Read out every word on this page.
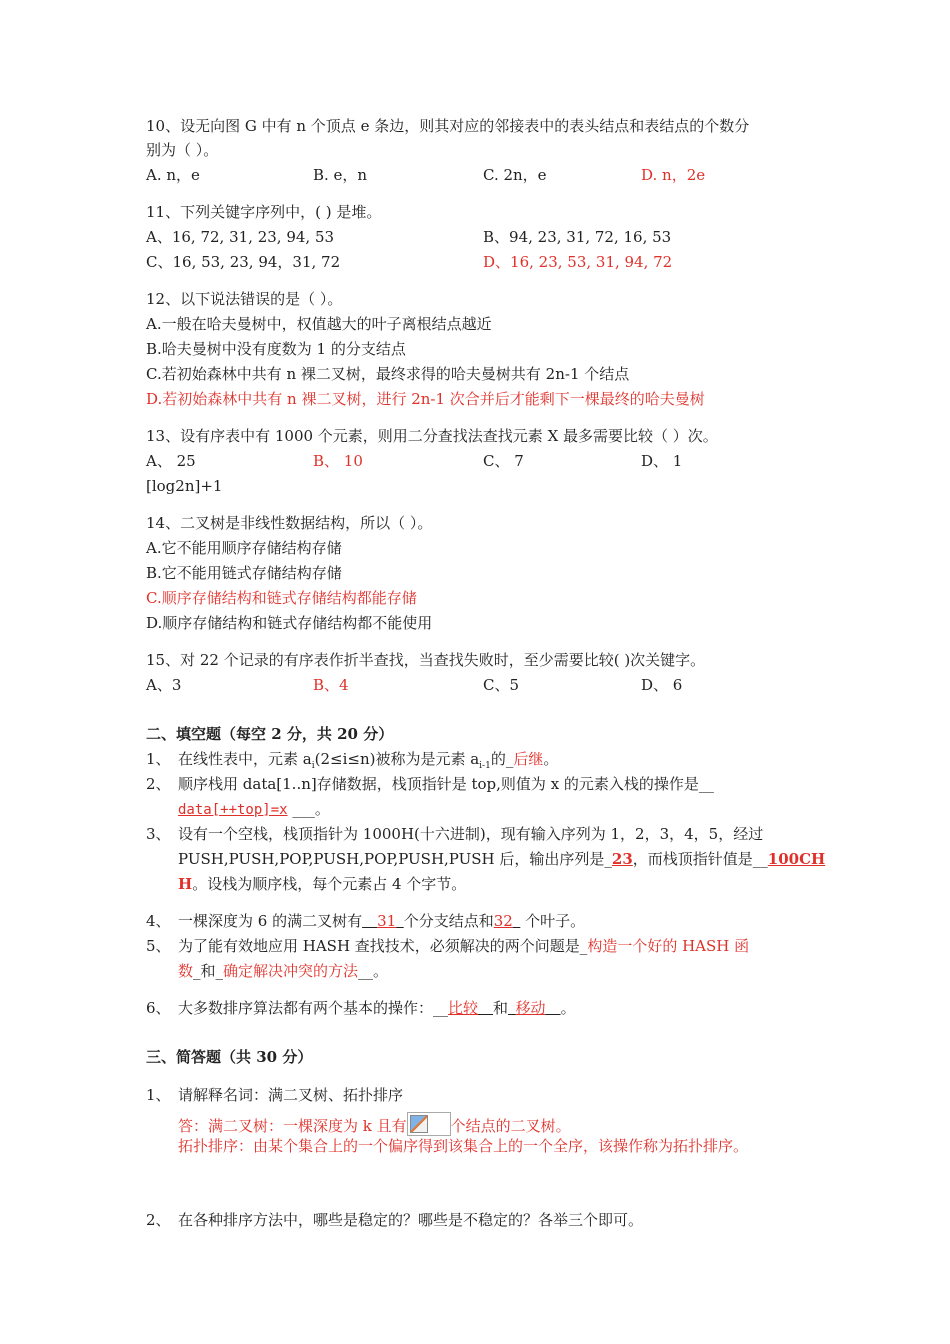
10、设无向图 G 中有 n 个顶点 e 条边，则其对应的邻接表中的表头结点和表结点的个数分
别为（ ）。
A. n，e	B. e，n	C. 2n，e	D. n，2e
11、下列关键字序列中，( ) 是堆。
A、16, 72, 31, 23, 94, 53	B、94, 23, 31, 72, 16, 53
C、16, 53, 23, 94，31, 72	D、16, 23, 53, 31, 94, 72
12、以下说法错误的是（ ）。
A.一般在哈夫曼树中，权值越大的叶子离根结点越近
B.哈夫曼树中没有度数为 1 的分支结点
C.若初始森林中共有 n 裸二叉树，最终求得的哈夫曼树共有 2n-1 个结点
D.若初始森林中共有 n 裸二叉树，进行 2n-1 次合并后才能剩下一棵最终的哈夫曼树
13、设有序表中有 1000 个元素，则用二分查找法查找元素 X 最多需要比较（ ）次。
A、 25	B、 10	C、 7	D、 1
[log2n]+1
14、二叉树是非线性数据结构，所以（ ）。
A.它不能用顺序存储结构存储
B.它不能用链式存储结构存储
C.顺序存储结构和链式存储结构都能存储
D.顺序存储结构和链式存储结构都不能使用
15、对 22 个记录的有序表作折半查找，当查找失败时，至少需要比较( )次关键字。
A、3	B、4	C、5	D、 6
二、填空题（每空 2 分，共 20 分）
1、 在线性表中，元素 $a_i(2\le i\le n)$被称为是元素 $a_{i-1}$的_后继。
2、 顺序栈用 data[1..n]存储数据，栈顶指针是 top,则值为 x 的元素入栈的操作是__
data[++top]=x ___。
3、 设有一个空栈，栈顶指针为 1000H(十六进制)，现有输入序列为 1，2，3，4，5，经过
PUSH,PUSH,POP,PUSH,POP,PUSH,PUSH 后，输出序列是_23，而栈顶指针值是__100CH
H。设栈为顺序栈，每个元素占 4 个字节。
4、 一棵深度为 6 的满二叉树有  31  个分支结点和32  个叶子。
5、 为了能有效地应用 HASH 查找技术，必须解决的两个问题是_构造一个好的 HASH 函
数_和_确定解决冲突的方法__。
6、 大多数排序算法都有两个基本的操作：__比较  和  移动  。
三、简答题（共 30 分）
1、 请解释名词：满二叉树、拓扑排序
答：满二叉树：一棵深度为 k 且有	个结点的二叉树。
拓扑排序：由某个集合上的一个偏序得到该集合上的一个全序，该操作称为拓扑排序。
2、 在各种排序方法中，哪些是稳定的？哪些是不稳定的？各举三个即可。
